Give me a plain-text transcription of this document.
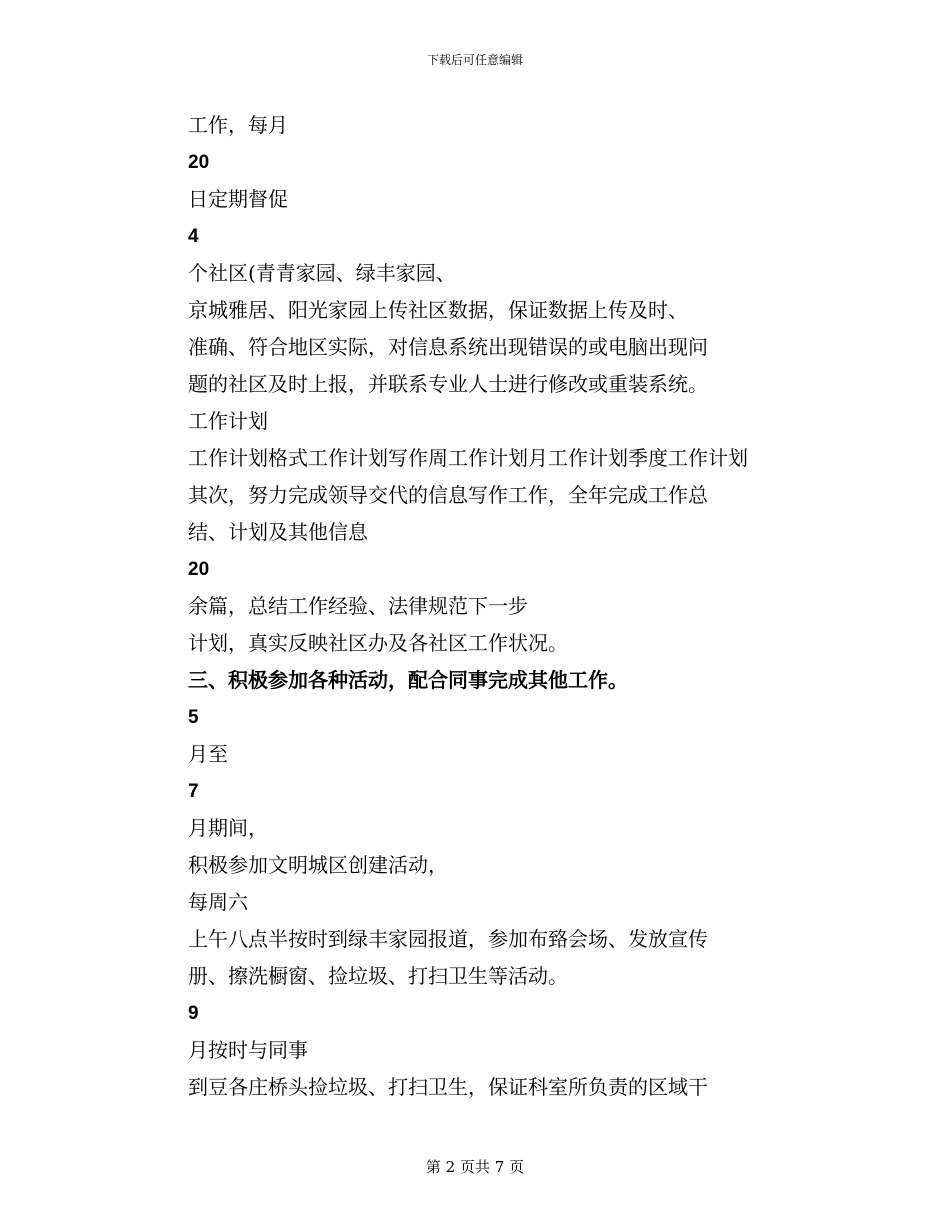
下载后可任意编辑
工作，每月
20
日定期督促
4
个社区(青青家园、绿丰家园、
京城雅居、阳光家园上传社区数据，保证数据上传及时、
准确、符合地区实际，对信息系统出现错误的或电脑出现问
题的社区及时上报，并联系专业人士进行修改或重装系统。
工作计划
工作计划格式工作计划写作周工作计划月工作计划季度工作计划
其次，努力完成领导交代的信息写作工作，全年完成工作总
结、计划及其他信息
20
余篇，总结工作经验、法律规范下一步
计划，真实反映社区办及各社区工作状况。
三、积极参加各种活动，配合同事完成其他工作。
5
月至
7
月期间，
积极参加文明城区创建活动，
每周六
上午八点半按时到绿丰家园报道，参加布臵会场、发放宣传
册、擦洗橱窗、捡垃圾、打扫卫生等活动。
9
月按时与同事
到豆各庄桥头捡垃圾、打扫卫生，保证科室所负责的区域干
第 2 页共 7 页
